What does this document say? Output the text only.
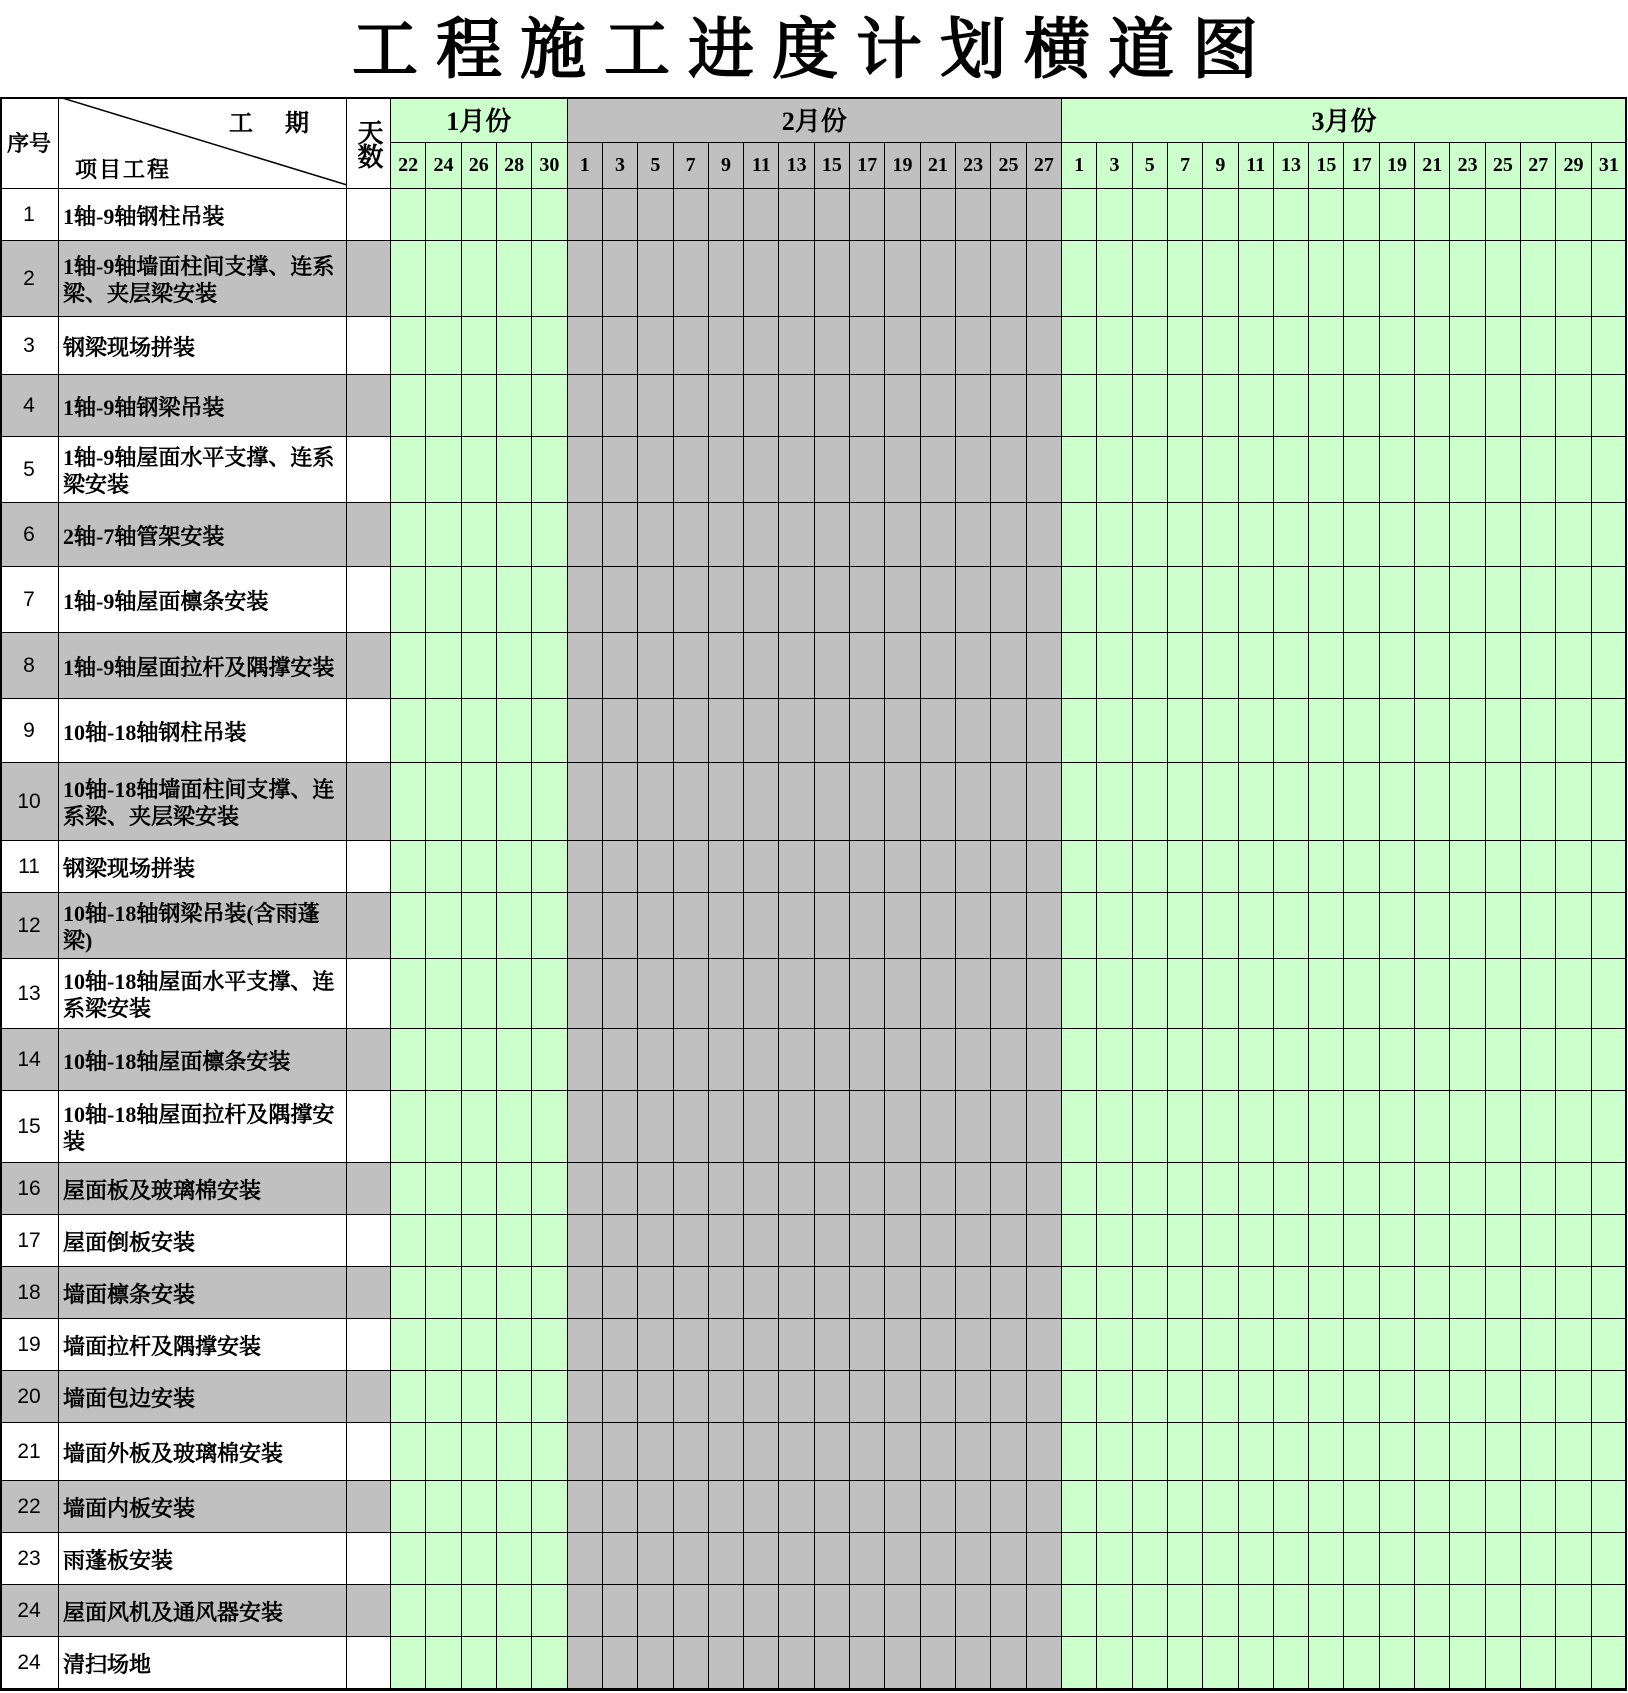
工程施工进度计划横道图
序号
工　期
项目工程
天数 1月份
22 24 26 28 30
2月份
1 3 5 7 9 11 13 15 17 19 21 23 25 27
3月份
1 3 5 7 9 11 13 15 17 19 21 23 25 27 29 31
1 1轴-9轴钢柱吊装
2 1轴-9轴墙面柱间支撑、连系梁、夹层梁安装
3 钢梁现场拼装
4 1轴-9轴钢梁吊装
5 1轴-9轴屋面水平支撑、连系梁安装
6 2轴-7轴管架安装
7 1轴-9轴屋面檩条安装
8 1轴-9轴屋面拉杆及隅撑安装
9 10轴-18轴钢柱吊装
10 10轴-18轴墙面柱间支撑、连系梁、夹层梁安装
11 钢梁现场拼装
12 10轴-18轴钢梁吊装(含雨蓬梁)
13 10轴-18轴屋面水平支撑、连系梁安装
14 10轴-18轴屋面檩条安装
15 10轴-18轴屋面拉杆及隅撑安装
16 屋面板及玻璃棉安装
17 屋面倒板安装
18 墙面檩条安装
19 墙面拉杆及隅撑安装
20 墙面包边安装
21 墙面外板及玻璃棉安装
22 墙面内板安装
23 雨蓬板安装
24 屋面风机及通风器安装
24 清扫场地
